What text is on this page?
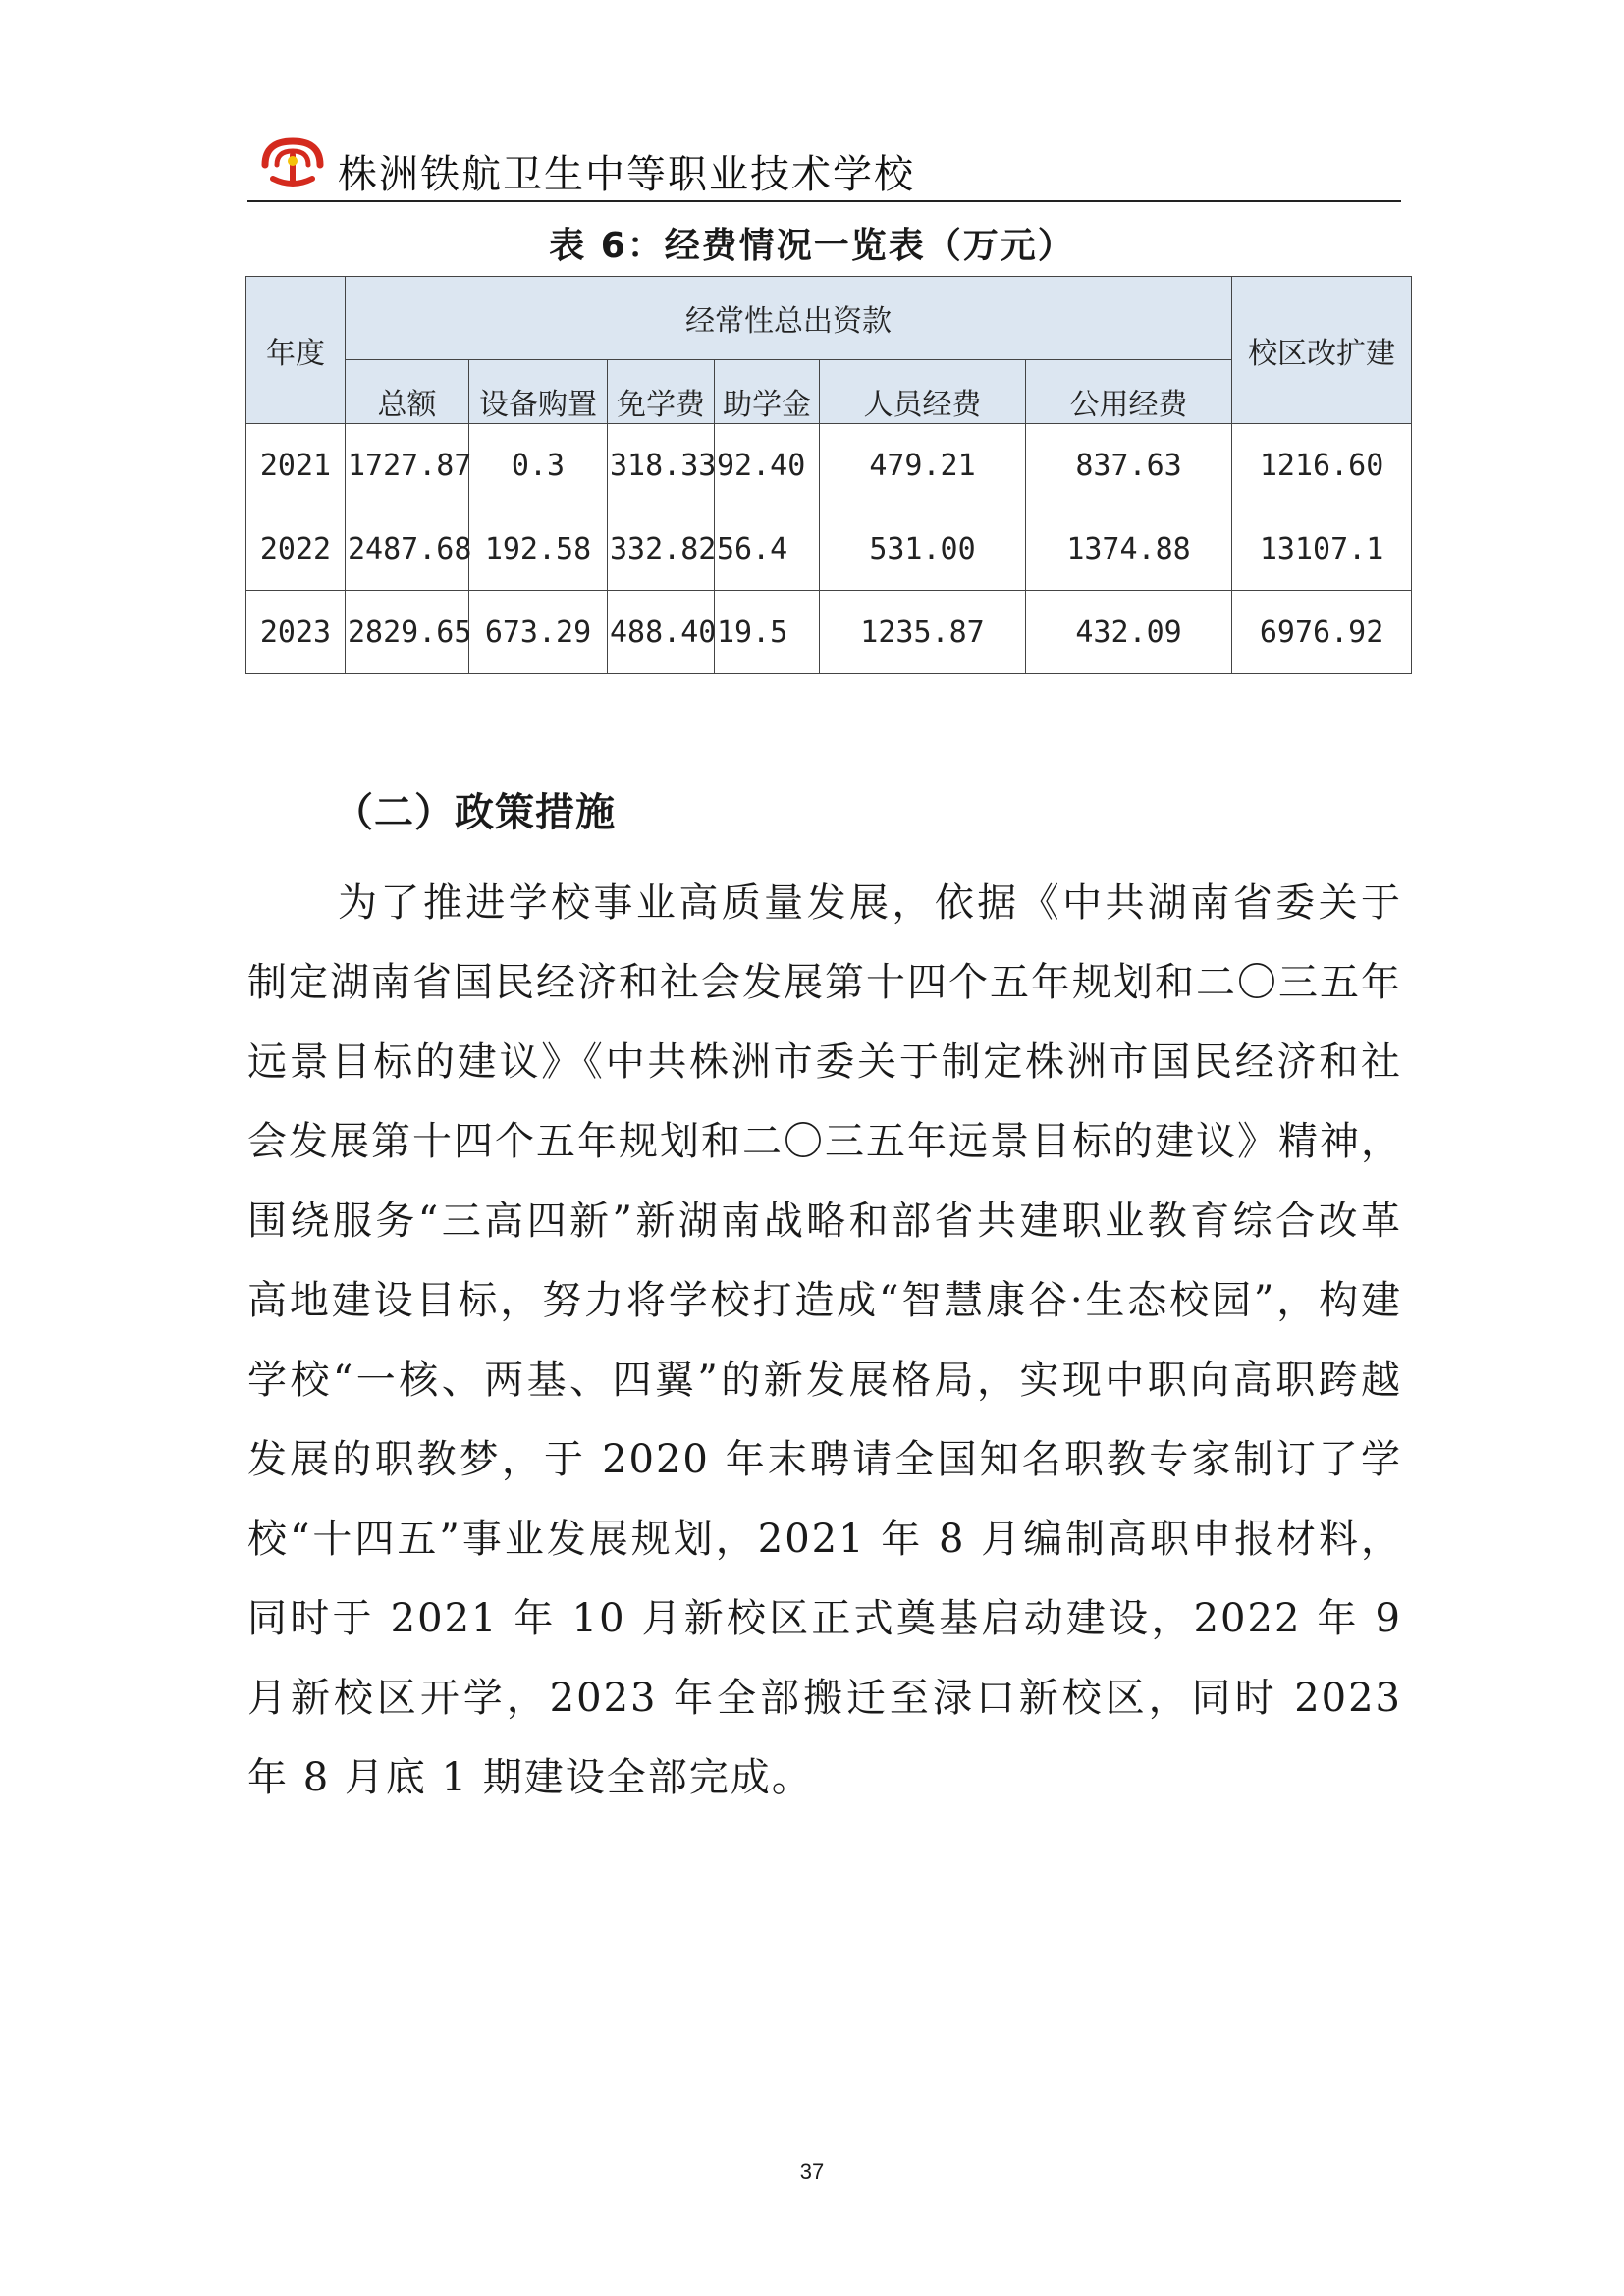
株洲铁航卫生中等职业技术学校
表 6：经费情况一览表（万元）
年度	经常性总出资款						校区改扩建
	总额	设备购置	免学费	助学金	人员经费	公用经费	
2021	1727.87	0.3	318.33	92.40	479.21	837.63	1216.60
2022	2487.68	192.58	332.82	56.4	531.00	1374.88	13107.1
2023	2829.65	673.29	488.40	19.5	1235.87	432.09	6976.92
（二）政策措施
为了推进学校事业高质量发展，依据《中共湖南省委关于制定湖南省国民经济和社会发展第十四个五年规划和二〇三五年远景目标的建议》《中共株洲市委关于制定株洲市国民经济和社会发展第十四个五年规划和二〇三五年远景目标的建议》精神，围绕服务“三高四新”新湖南战略和部省共建职业教育综合改革高地建设目标，努力将学校打造成“智慧康谷·生态校园”，构建学校“一核、两基、四翼”的新发展格局，实现中职向高职跨越发展的职教梦，于 2020 年末聘请全国知名职教专家制订了学校“十四五”事业发展规划，2021 年 8 月编制高职申报材料，同时于 2021 年 10 月新校区正式奠基启动建设，2022 年 9 月新校区开学，2023 年全部搬迁至渌口新校区，同时 2023 年 8 月底 1 期建设全部完成。
37
